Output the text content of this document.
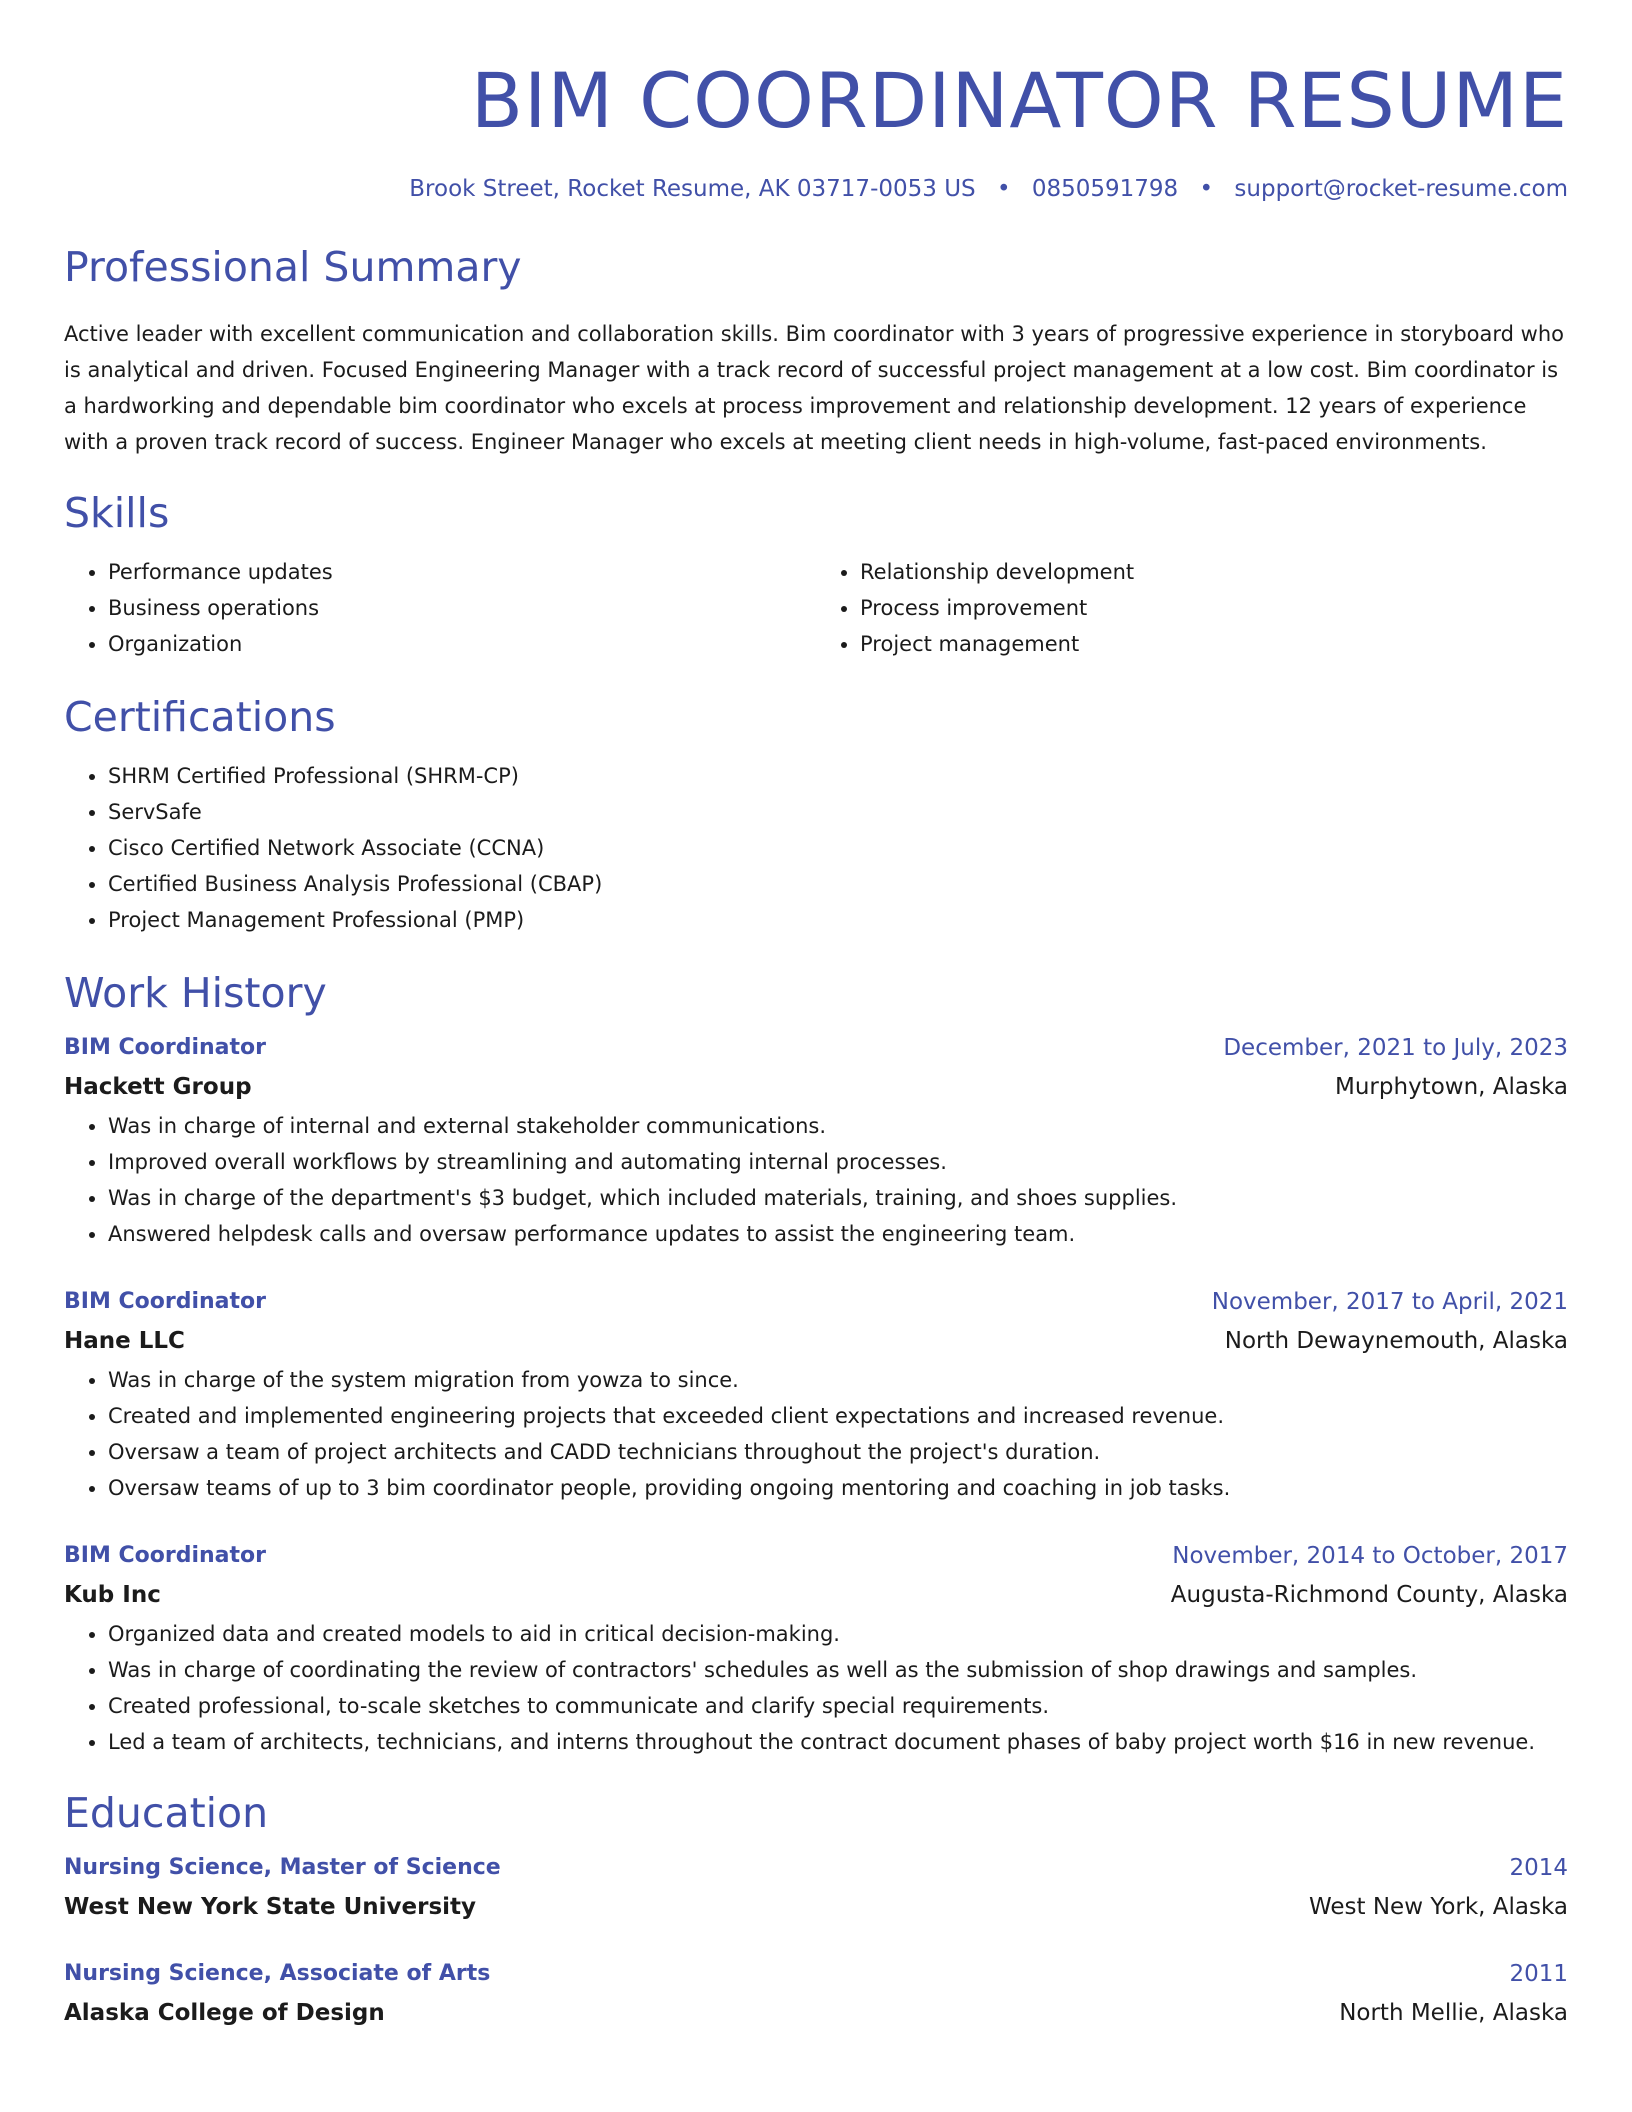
BIM COORDINATOR RESUME
Brook Street, Rocket Resume, AK 03717-0053 US • 0850591798 • support@rocket-resume.com
Professional Summary

Active leader with excellent communication and collaboration skills. Bim coordinator with 3 years of progressive experience in storyboard who is analytical and driven. Focused Engineering Manager with a track record of successful project management at a low cost. Bim coordinator is a hardworking and dependable bim coordinator who excels at process improvement and relationship development. 12 years of experience with a proven track record of success. Engineer Manager who excels at meeting client needs in high-volume, fast-paced environments.

Skills
• Performance updates
• Business operations
• Organization
• Relationship development
• Process improvement
• Project management
Certifications
• SHRM Certified Professional (SHRM-CP)
• ServSafe
• Cisco Certified Network Associate (CCNA)
• Certified Business Analysis Professional (CBAP)
• Project Management Professional (PMP)
Work History
BIM Coordinator	December, 2021 to July, 2023
Hackett Group	Murphytown, Alaska
• Was in charge of internal and external stakeholder communications.
• Improved overall workflows by streamlining and automating internal processes.
• Was in charge of the department's $3 budget, which included materials, training, and shoes supplies.
• Answered helpdesk calls and oversaw performance updates to assist the engineering team.
BIM Coordinator	November, 2017 to April, 2021
Hane LLC	North Dewaynemouth, Alaska
• Was in charge of the system migration from yowza to since.
• Created and implemented engineering projects that exceeded client expectations and increased revenue.
• Oversaw a team of project architects and CADD technicians throughout the project's duration.
• Oversaw teams of up to 3 bim coordinator people, providing ongoing mentoring and coaching in job tasks.
BIM Coordinator	November, 2014 to October, 2017
Kub Inc	Augusta-Richmond County, Alaska
• Organized data and created models to aid in critical decision-making.
• Was in charge of coordinating the review of contractors' schedules as well as the submission of shop drawings and samples.
• Created professional, to-scale sketches to communicate and clarify special requirements.
• Led a team of architects, technicians, and interns throughout the contract document phases of baby project worth $16 in new revenue.
Education
Nursing Science, Master of Science	2014
West New York State University	West New York, Alaska
Nursing Science, Associate of Arts	2011
Alaska College of Design	North Mellie, Alaska
